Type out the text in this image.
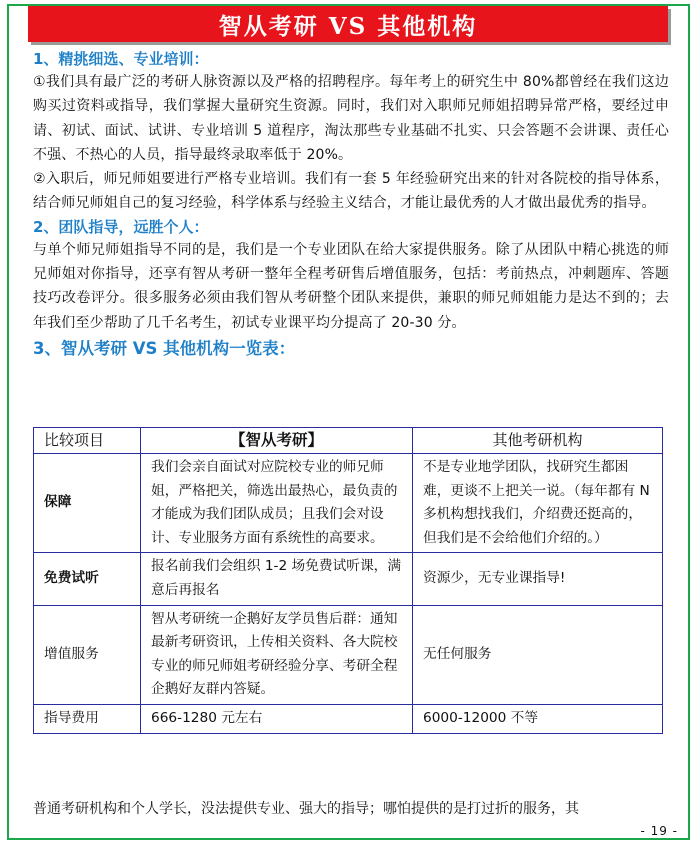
智从考研 VS 其他机构

1、精挑细选、专业培训：

①我们具有最广泛的考研人脉资源以及严格的招聘程序。每年考上的研究生中 80%都曾经在我们这边购买过资料或指导，我们掌握大量研究生资源。同时，我们对入职师兄师姐招聘异常严格，要经过申请、初试、面试、试讲、专业培训 5 道程序，淘汰那些专业基础不扎实、只会答题不会讲课、责任心不强、不热心的人员，指导最终录取率低于 20%。

②入职后，师兄师姐要进行严格专业培训。我们有一套 5 年经验研究出来的针对各院校的指导体系，结合师兄师姐自己的复习经验，科学体系与经验主义结合，才能让最优秀的人才做出最优秀的指导。

2、团队指导，远胜个人：

与单个师兄师姐指导不同的是，我们是一个专业团队在给大家提供服务。除了从团队中精心挑选的师兄师姐对你指导，还享有智从考研一整年全程考研售后增值服务，包括：考前热点，冲刺题库、答题技巧改卷评分。很多服务必须由我们智从考研整个团队来提供，兼职的师兄师姐能力是达不到的；去年我们至少帮助了几千名考生，初试专业课平均分提高了 20-30 分。

3、智从考研 VS 其他机构一览表：

比较项目	【智从考研】	其他考研机构
保障	我们会亲自面试对应院校专业的师兄师姐，严格把关，筛选出最热心，最负责的才能成为我们团队成员；且我们会对设计、专业服务方面有系统性的高要求。	不是专业地学团队，找研究生都困难，更谈不上把关一说。（每年都有 N 多机构想找我们，介绍费还挺高的，但我们是不会给他们介绍的。）
免费试听	报名前我们会组织 1-2 场免费试听课，满意后再报名	资源少，无专业课指导!
增值服务	智从考研统一企鹅好友学员售后群：通知最新考研资讯，上传相关资料、各大院校专业的师兄师姐考研经验分享、考研全程企鹅好友群内答疑。	无任何服务
指导费用	666-1280 元左右	6000-12000 不等
普通考研机构和个人学长，没法提供专业、强大的指导；哪怕提供的是打过折的服务，其
- 19 -
